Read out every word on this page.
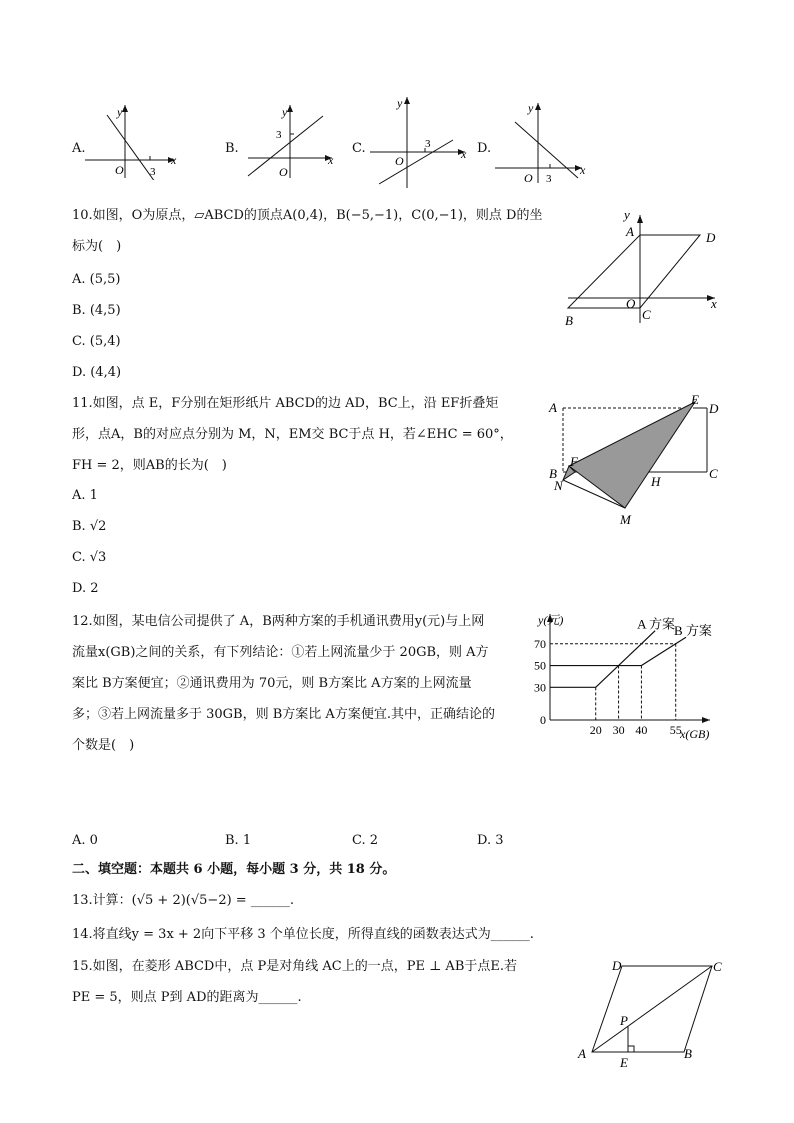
A.
y
x
O 3
B.
y
x
O
3
C.
y
x
O
3	D.
y
x
O 3
10.如图，O为原点，▱ABCD的顶点A(0,4)，B(−5,−1)，C(0,−1)，则点 D的坐
标为(　)
A. (5,5)
B. (4,5)
C. (5,4)
D. (4,4)
y
x
A	D
O
B	C
11.如图，点 E，F分别在矩形纸片 ABCD的边 AD，BC上，沿 EF折叠矩
形，点A，B的对应点分别为 M，N，EM交 BC于点 H，若∠EHC = 60°，
FH = 2，则AB的长为(　)
A. 1
B. √2
C. √3
D. 2
A
E
D
B
F
H
C
N
M
12.如图，某电信公司提供了 A，B两种方案的手机通讯费用y(元)与上网
流量x(GB)之间的关系，有下列结论：①若上网流量少于 20GB，则 A方
案比 B方案便宜；②通讯费用为 70元，则 B方案比 A方案的上网流量
多；③若上网流量多于 30GB，则 B方案比 A方案便宜.其中，正确结论的
个数是(　)
A. 0	B. 1	C. 2	D. 3
y(元)
x(GB)
0
30
50
70
20 30 40 55
A 方案
B 方案
二、填空题：本题共 6 小题，每小题 3 分，共 18 分。
13.计算：(√5 + 2)(√5−2) = ______.
14.将直线y = 3x + 2向下平移 3 个单位长度，所得直线的函数表达式为______.
15.如图，在菱形 ABCD中，点 P是对角线 AC上的一点，PE ⊥ AB于点E.若
PE = 5，则点 P到 AD的距离为______.
D	C
P
A
E
B
